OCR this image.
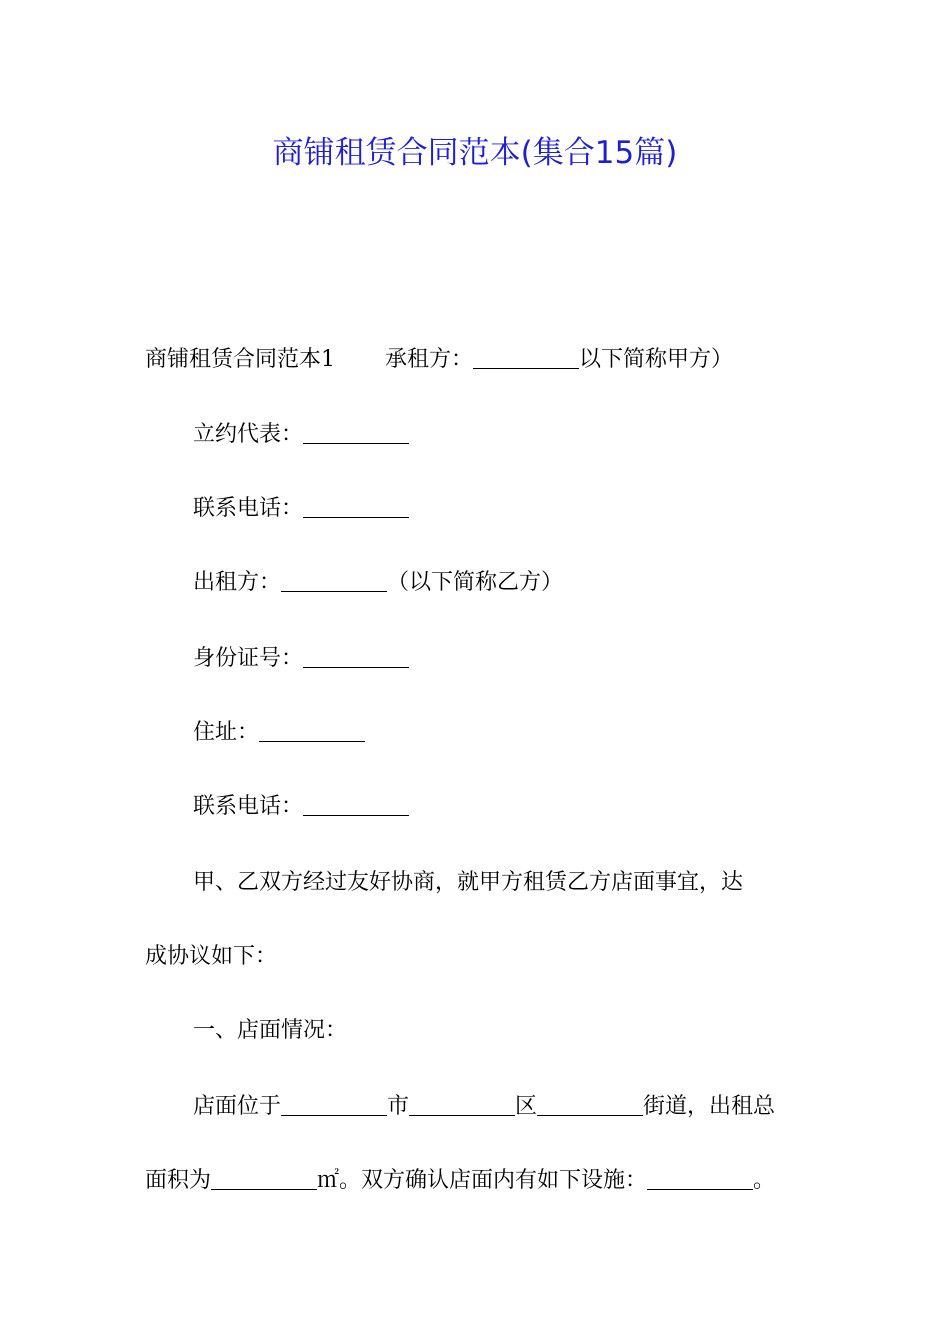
商铺租赁合同范本(集合15篇)
商铺租赁合同范本1 承租方：	以下简称甲方）
立约代表：
联系电话：
出租方：	（以下简称乙方）
身份证号：
住址：
联系电话：
甲、乙双方经过友好协商，就甲方租赁乙方店面事宜，达
成协议如下：
一、店面情况：
店面位于	市	区	街道，出租总
面积为	㎡。双方确认店面内有如下设施：	。
